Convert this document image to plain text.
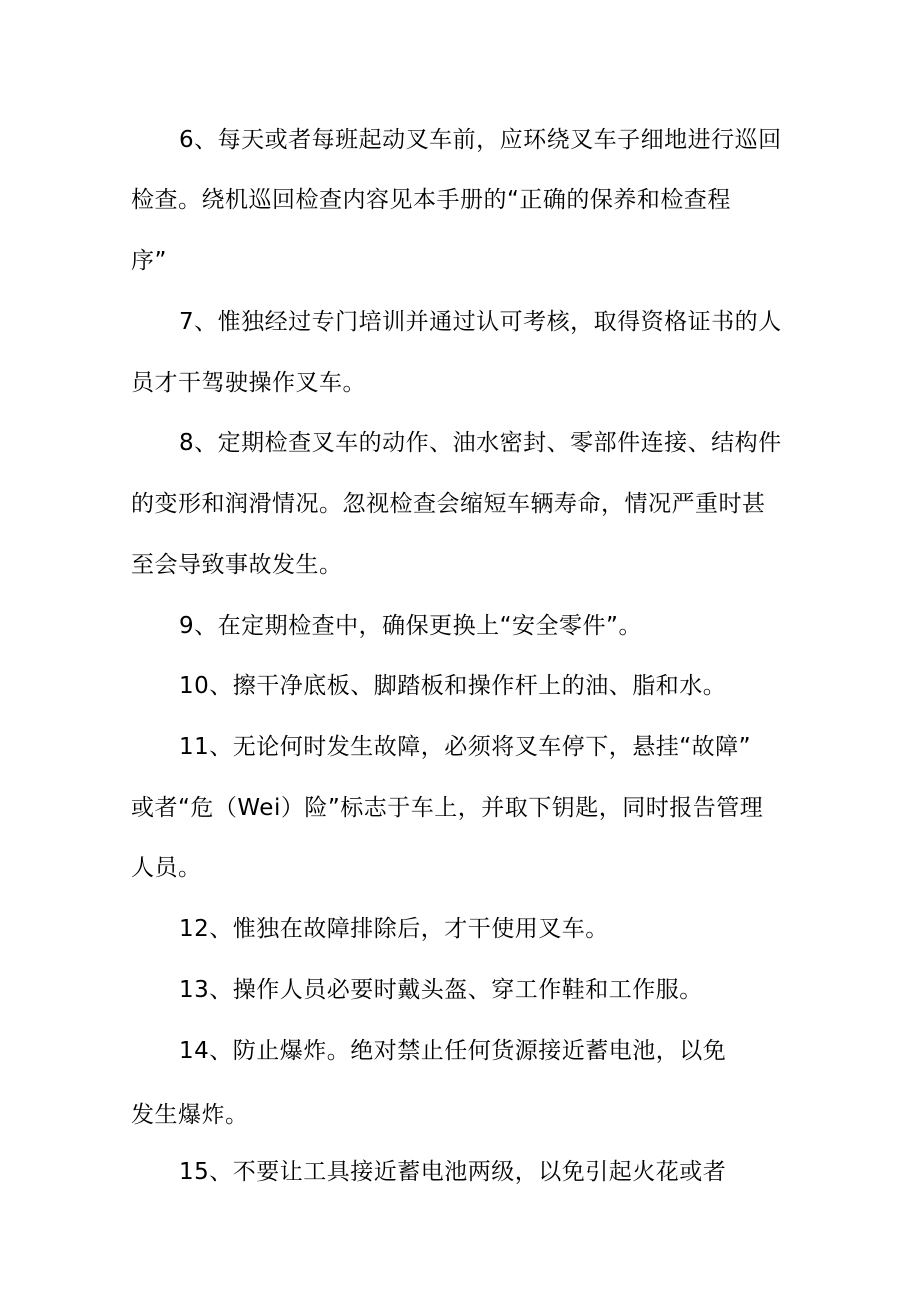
6、每天或者每班起动叉车前，应环绕叉车子细地进行巡回
检查。绕机巡回检查内容见本手册的“正确的保养和检查程
序”
7、惟独经过专门培训并通过认可考核，取得资格证书的人
员才干驾驶操作叉车。
8、定期检查叉车的动作、油水密封、零部件连接、结构件
的变形和润滑情况。忽视检查会缩短车辆寿命，情况严重时甚
至会导致事故发生。
9、在定期检查中，确保更换上“安全零件”。
10、擦干净底板、脚踏板和操作杆上的油、脂和水。
11、无论何时发生故障，必须将叉车停下，悬挂“故障”
或者“危（Wei）险”标志于车上，并取下钥匙，同时报告管理
人员。
12、惟独在故障排除后，才干使用叉车。
13、操作人员必要时戴头盔、穿工作鞋和工作服。
14、防止爆炸。绝对禁止任何货源接近蓄电池，以免
发生爆炸。
15、不要让工具接近蓄电池两级，以免引起火花或者
